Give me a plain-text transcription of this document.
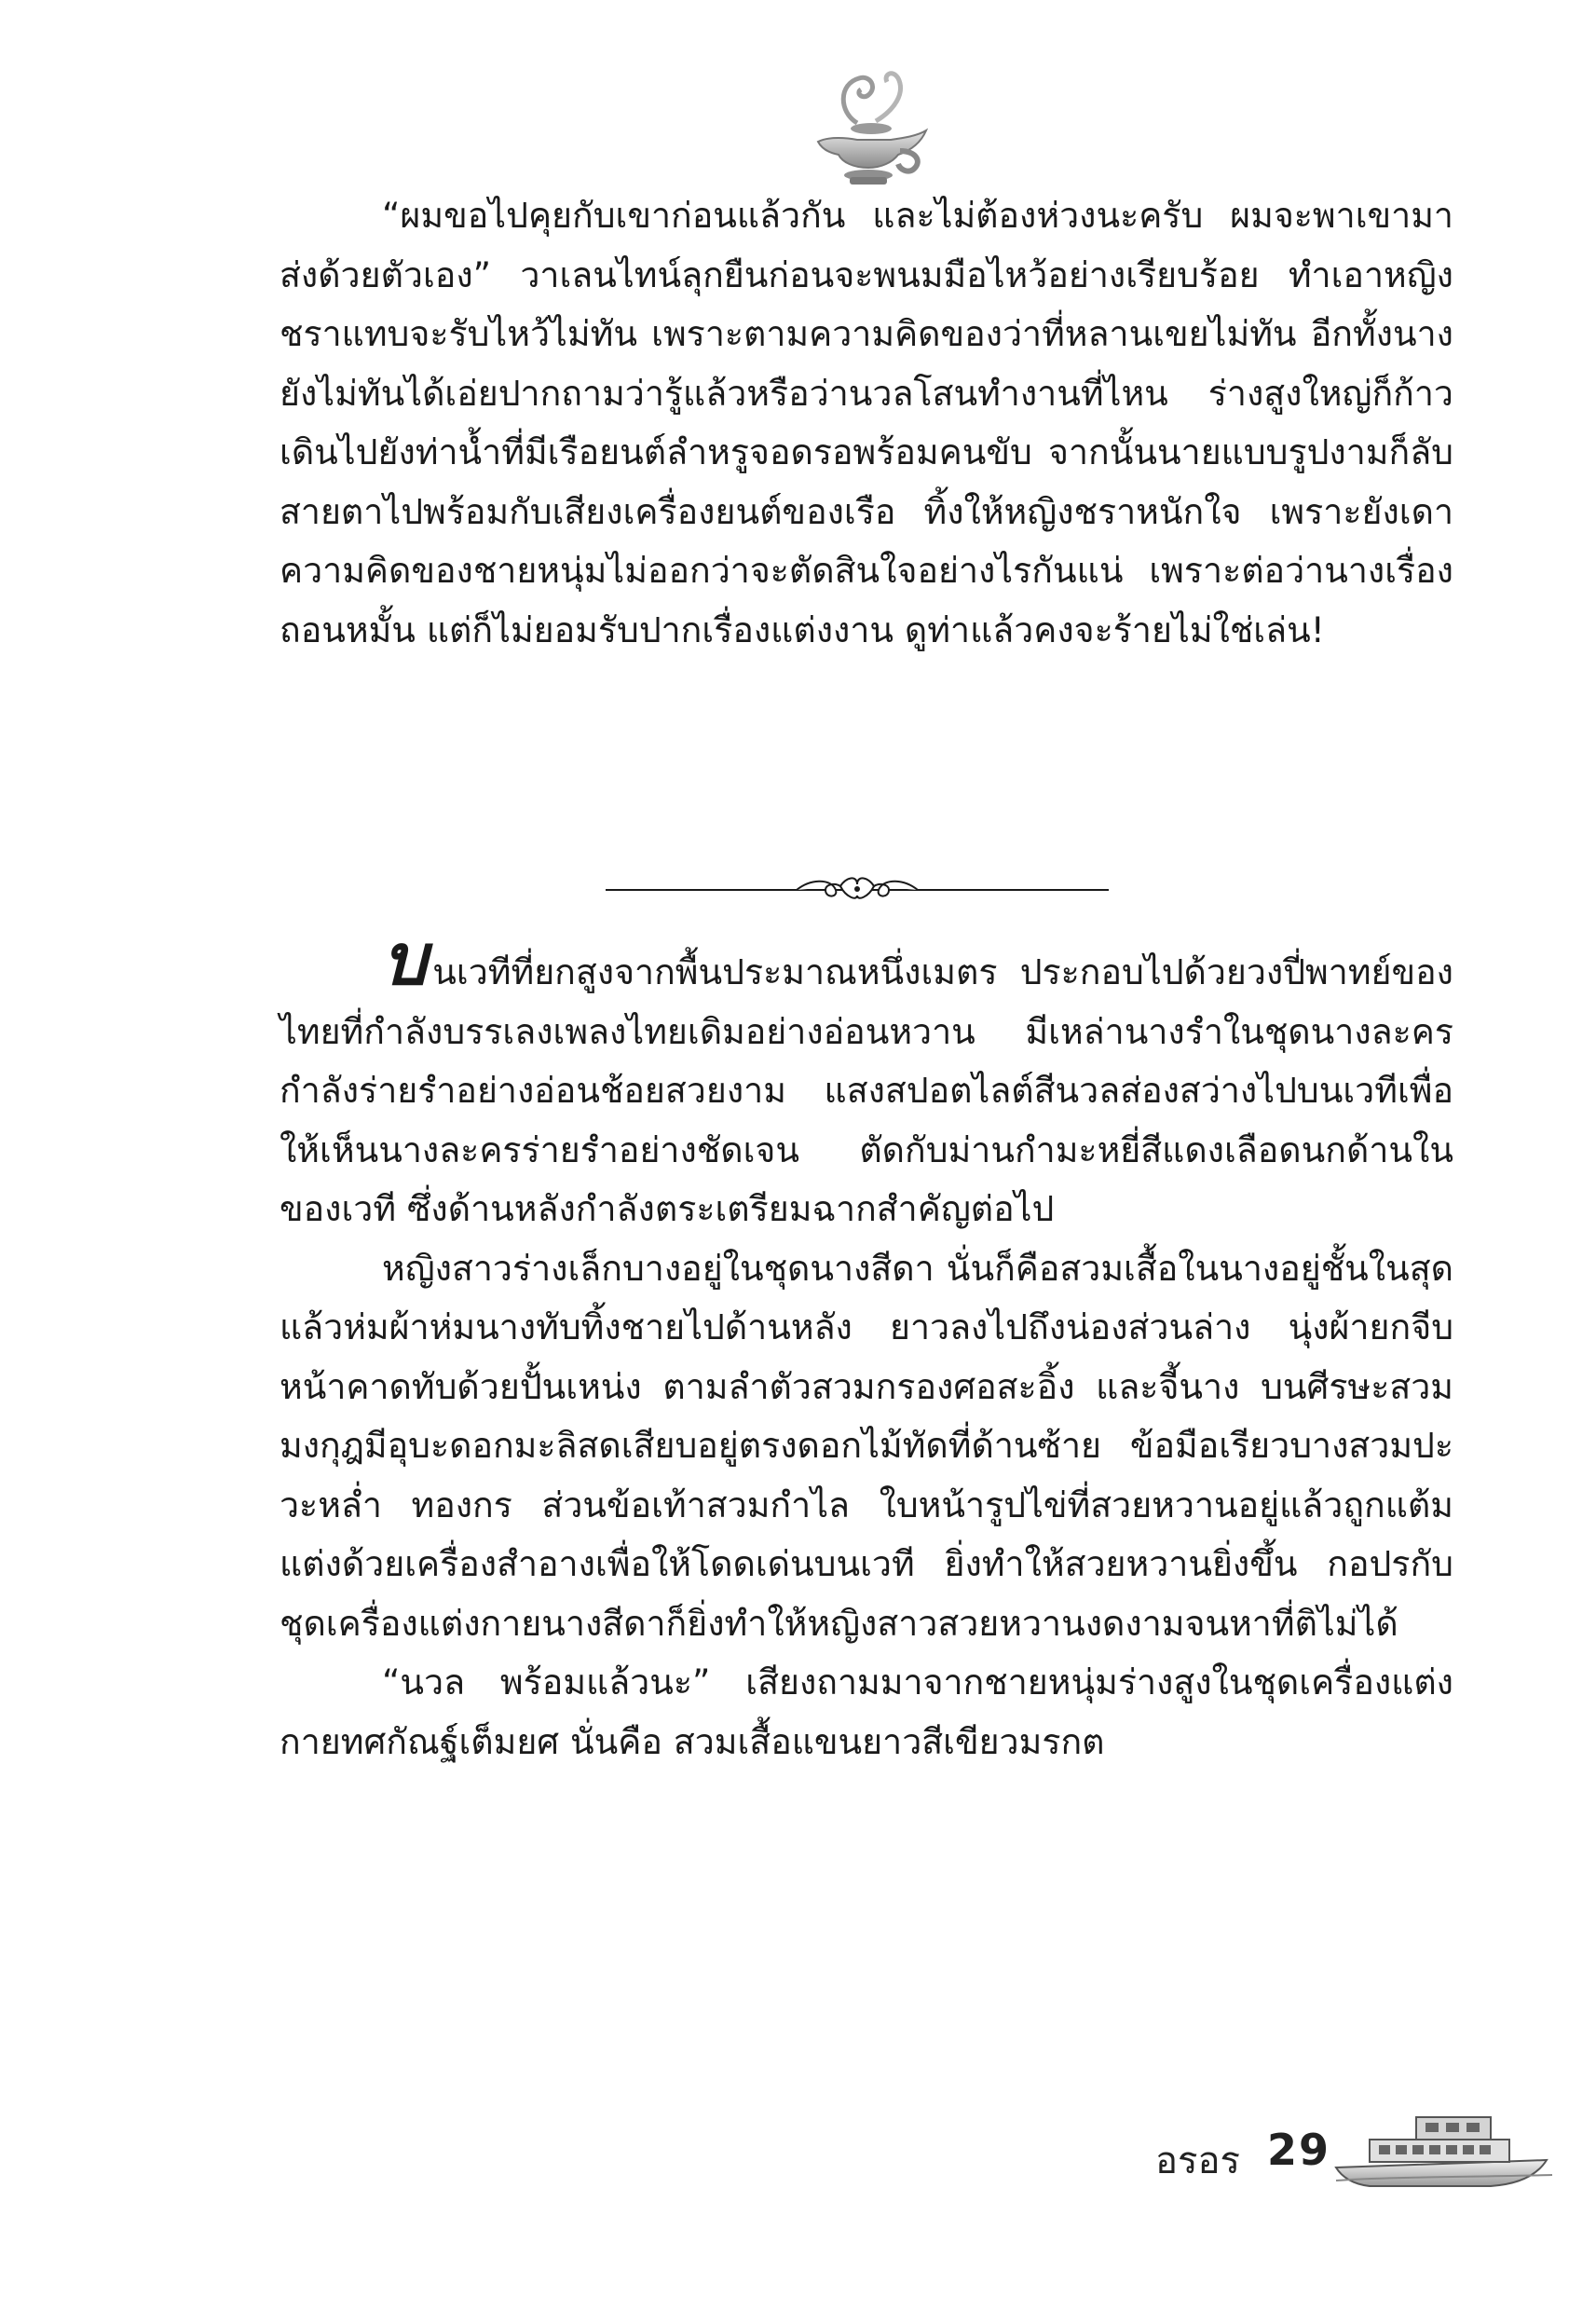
“ผมขอไปคุยกับเขาก่อนแล้วกัน และไม่ต้องห่วงนะครับ ผมจะพาเขามาส่งด้วยตัวเอง” วาเลนไทน์ลุกยืนก่อนจะพนมมือไหว้อย่างเรียบร้อย ทำเอาหญิงชราแทบจะรับไหว้ไม่ทัน เพราะตามความคิดของว่าที่หลานเขยไม่ทัน อีกทั้งนางยังไม่ทันได้เอ่ยปากถามว่ารู้แล้วหรือว่านวลโสนทำงานที่ไหน ร่างสูงใหญ่ก็ก้าวเดินไปยังท่าน้ำที่มีเรือยนต์ลำหรูจอดรอพร้อมคนขับ จากนั้นนายแบบรูปงามก็ลับสายตาไปพร้อมกับเสียงเครื่องยนต์ของเรือ ทิ้งให้หญิงชราหนักใจ เพราะยังเดาความคิดของชายหนุ่มไม่ออกว่าจะตัดสินใจอย่างไรกันแน่ เพราะต่อว่านางเรื่องถอนหมั้น แต่ก็ไม่ยอมรับปากเรื่องแต่งงาน ดูท่าแล้วคงจะร้ายไม่ใช่เล่น!

บนเวทีที่ยกสูงจากพื้นประมาณหนึ่งเมตร ประกอบไปด้วยวงปี่พาทย์ของไทยที่กำลังบรรเลงเพลงไทยเดิมอย่างอ่อนหวาน มีเหล่านางรำในชุดนางละครกำลังร่ายรำอย่างอ่อนช้อยสวยงาม แสงสปอตไลต์สีนวลส่องสว่างไปบนเวทีเพื่อให้เห็นนางละครร่ายรำอย่างชัดเจน ตัดกับม่านกำมะหยี่สีแดงเลือดนกด้านในของเวที ซึ่งด้านหลังกำลังตระเตรียมฉากสำคัญต่อไป

หญิงสาวร่างเล็กบางอยู่ในชุดนางสีดา นั่นก็คือสวมเสื้อในนางอยู่ชั้นในสุด แล้วห่มผ้าห่มนางทับทิ้งชายไปด้านหลัง ยาวลงไปถึงน่องส่วนล่าง นุ่งผ้ายกจีบหน้าคาดทับด้วยปั้นเหน่ง ตามลำตัวสวมกรองศอสะอิ้ง และจี้นาง บนศีรษะสวมมงกุฎมีอุบะดอกมะลิสดเสียบอยู่ตรงดอกไม้ทัดที่ด้านซ้าย ข้อมือเรียวบางสวมปะวะหล่ำ ทองกร ส่วนข้อเท้าสวมกำไล ใบหน้ารูปไข่ที่สวยหวานอยู่แล้วถูกแต้มแต่งด้วยเครื่องสำอางเพื่อให้โดดเด่นบนเวที ยิ่งทำให้สวยหวานยิ่งขึ้น กอปรกับชุดเครื่องแต่งกายนางสีดาก็ยิ่งทำให้หญิงสาวสวยหวานงดงามจนหาที่ติไม่ได้

“นวล พร้อมแล้วนะ” เสียงถามมาจากชายหนุ่มร่างสูงในชุดเครื่องแต่งกายทศกัณฐ์เต็มยศ นั่นคือ สวมเสื้อแขนยาวสีเขียวมรกต

อรอร 29
